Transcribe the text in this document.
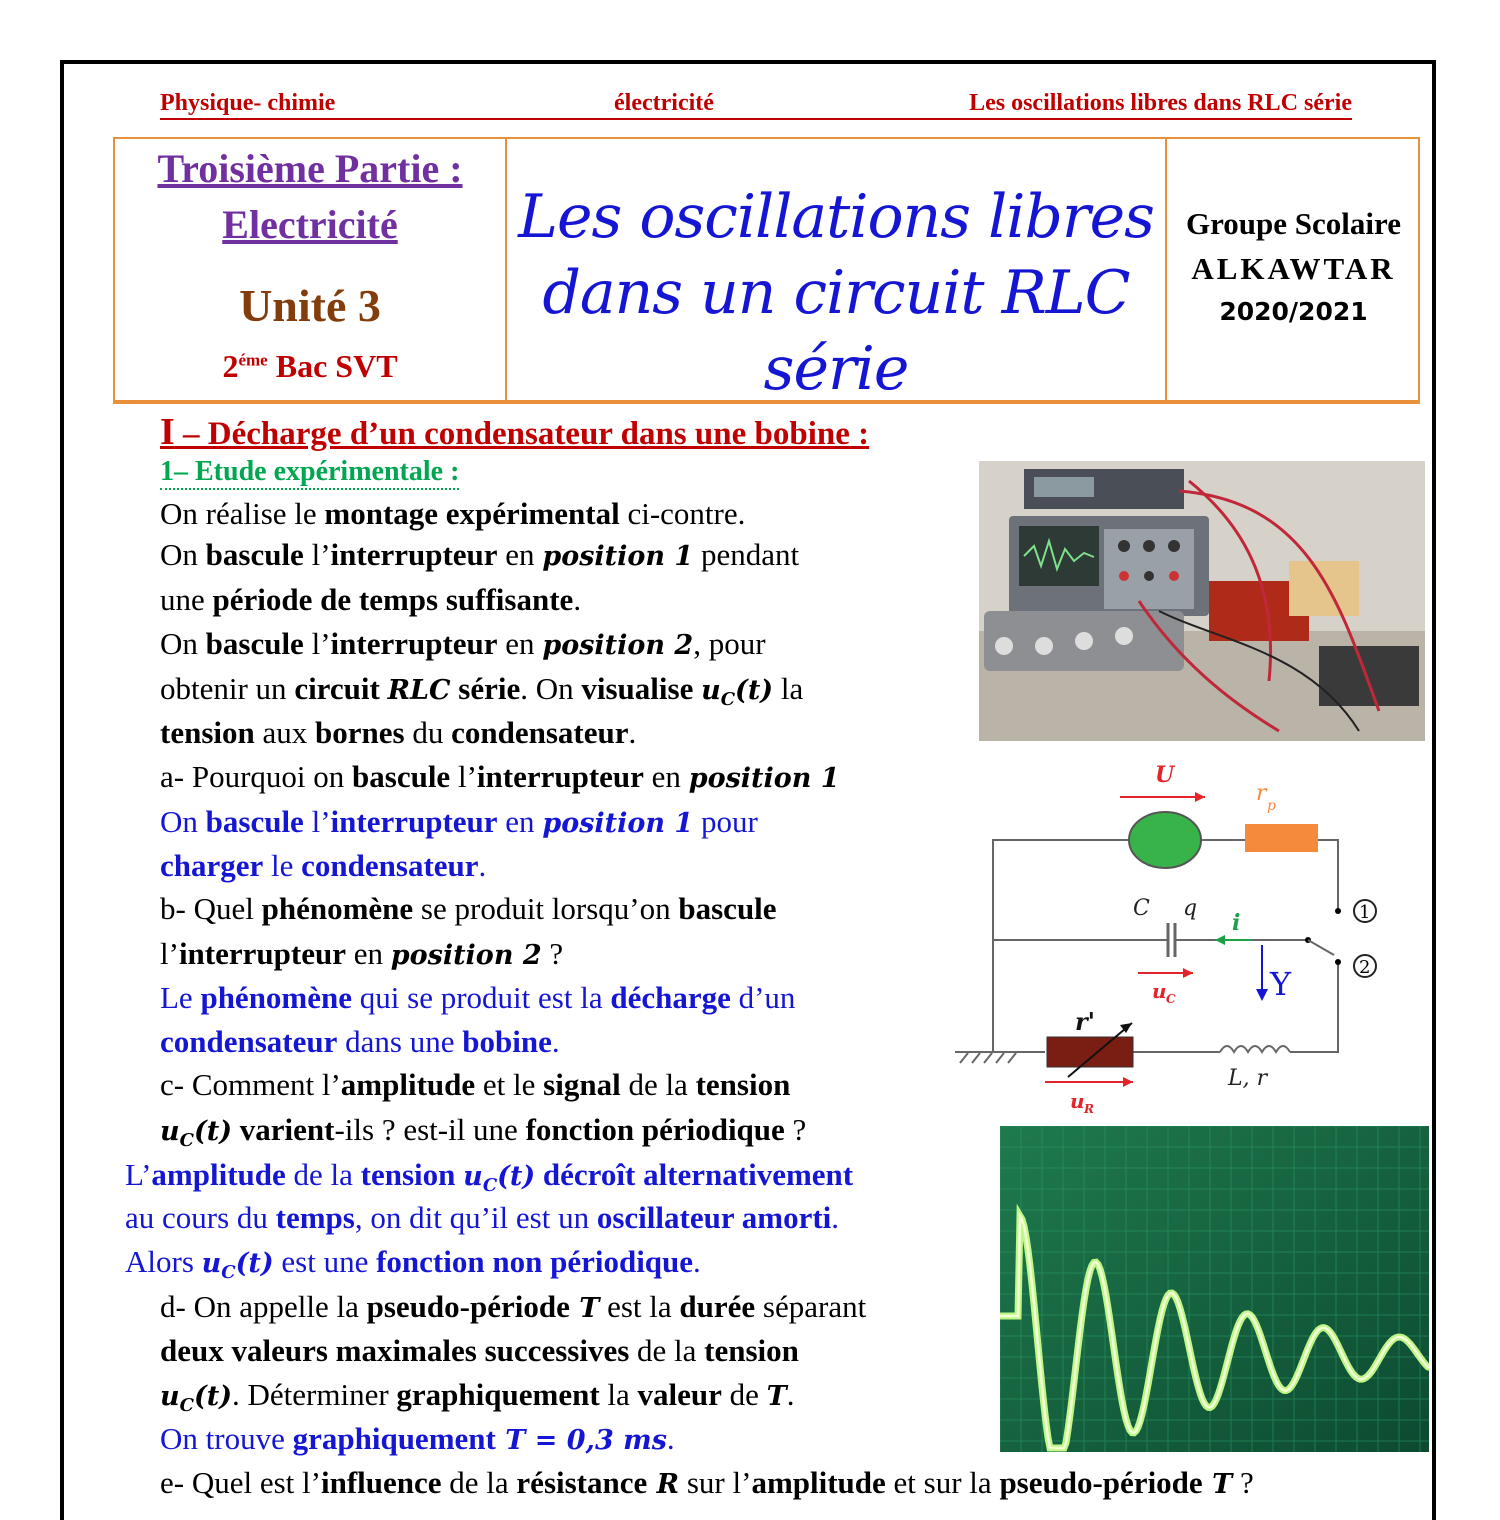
Physique- chimie	électricité	Les oscillations libres dans RLC série
Troisième Partie :
Electricité
Unité 3
$2^{éme}$ Bac SVT
Les oscillations libres
dans un circuit RLC série
Groupe Scolaire
ALKAWTAR
2020/2021
I – Décharge d’un condensateur dans une bobine :
1– Etude expérimentale :
On réalise le montage expérimental ci-contre.
On bascule l’interrupteur en position 1 pendant
une période de temps suffisante.
On bascule l’interrupteur en position 2, pour
obtenir un circuit RLC série. On visualise $u_C(t)$ la
tension aux bornes du condensateur.
a- Pourquoi on bascule l’interrupteur en position 1
On bascule l’interrupteur en position 1 pour
charger le condensateur.
b- Quel phénomène se produit lorsqu’on bascule
l’interrupteur en position 2 ?
Le phénomène qui se produit est la décharge d’un
condensateur dans une bobine.
c- Comment l’amplitude et le signal de la tension
$u_C(t)$ varient-ils ? est-il une fonction périodique ?
L’amplitude de la tension $u_C(t)$ décroît alternativement
au cours du temps, on dit qu’il est un oscillateur amorti.
Alors $u_C(t)$ est une fonction non périodique.
d- On appelle la pseudo-période T est la durée séparant
deux valeurs maximales successives de la tension
$u_C(t)$. Déterminer graphiquement la valeur de T.
On trouve graphiquement T = 0,3 ms.
e- Quel est l’influence de la résistance R sur l’amplitude et sur la pseudo-période T ?
1
2
U
r p
C q
i
u C	Y
r'
u R
L, r
